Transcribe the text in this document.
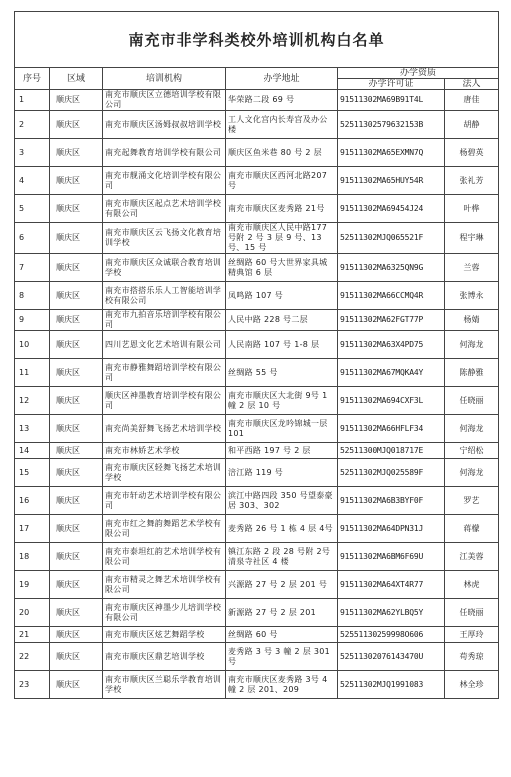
南充市非学科类校外培训机构白名单					
序号	区域	培训机构	办学地址	办学资质	
				办学许可证	法人
1	顺庆区	南充市顺庆区立德培训学校有限公司	华荣路二段 69 号	91511302MA69B91T4L	唐佳
2	顺庆区	南充市顺庆区汤姆叔叔培训学校	工人文化宫内长寿宫及办公楼	52511302579632153B	胡静
3	顺庆区	南充起舞教育培训学校有限公司	顺庆区鱼米巷 80 号 2 层	91511302MA65EXMN7Q	杨碧英
4	顺庆区	南充市舰涌文化培训学校有限公司	南充市顺庆区西河北路207 号	91511302MA65HUY54R	张礼芳
5	顺庆区	南充市顺庆区起点艺术培训学校有限公司	南充市顺庆区麦秀路 21号	91511302MA69454J24	叶桦
6	顺庆区	南充市顺庆区云飞扬文化教育培训学校	南充市顺庆区人民中路177 号附 2 号 3 层 9 号、13 号、15 号	52511302MJQ065521F	程宇琳
7	顺庆区	南充市顺庆区众诚联合教育培训学校	丝绸路 60 号大世界家具城精典馆 6 层	91511302MA6325QN9G	兰蓉
8	顺庆区	南充市搭搭乐乐人工智能培训学校有限公司	凤鸣路 107 号	91511302MA66CCMQ4R	张博永
9	顺庆区	南充市九拍音乐培训学校有限公司	人民中路 228 号二层	91511302MA62FGT77P	杨婧
10	顺庆区	四川艺恩文化艺术培训有限公司	人民南路 107 号 1-8 层	91511302MA63X4PD75	何海龙
11	顺庆区	南充市静雅舞蹈培训学校有限公司	丝绸路 55 号	91511302MA67MQKA4Y	陈静雅
12	顺庆区	顺庆区神墨教育培训学校有限公司	南充市顺庆区大北街 9号 1 幢 2 层 10 号	91511302MA694CXF3L	任晓丽
13	顺庆区	南充尚美舒舞飞扬艺术培训学校	南充市顺庆区龙吟锦城一层 101	91511302MA66HFLF34	何海龙
14	顺庆区	南充市林娇艺术学校	和平西路 197 号 2 层	52511300MJQ018717E	宁绍松
15	顺庆区	南充市顺庆区轻舞飞扬艺术培训学校	涪江路 119 号	52511302MJQ025589F	何海龙
16	顺庆区	南充市轩动艺术培训学校有限公司	滨江中路四段 350 号望泰豪居 303、302	91511302MA6B3BYF0F	罗艺
17	顺庆区	南充市红之舞韵舞蹈艺术学校有限公司	麦秀路 26 号 1 栋 4 层 4号	91511302MA64DPN31J	蒋檬
18	顺庆区	南充市泰坦红韵艺术培训学校有限公司	镇江东路 2 段 28 号附 2号清泉寺社区 4 楼	91511302MA6BM6F69U	江美蓉
19	顺庆区	南充市精灵之舞艺术培训学校有限公司	兴源路 27 号 2 层 201 号	91511302MA64XT4R77	林虎
20	顺庆区	南充市顺庆区神墨少儿培训学校有限公司	新源路 27 号 2 层 201	91511302MA62YLBQ5Y	任晓丽
21	顺庆区	南充市顺庆区炫艺舞蹈学校	丝绸路 60 号	52551130259998O606	王厚玲
22	顺庆区	南充市顺庆区鼎艺培训学校	麦秀路 3 号 3 幢 2 层 301号	52511302076143470U	苟秀琼
23	顺庆区	南充市顺庆区兰聪乐学教育培训学校	南充市顺庆区麦秀路 3号 4 幢 2 层 201、209	52511302MJQ1991083	林全珍
